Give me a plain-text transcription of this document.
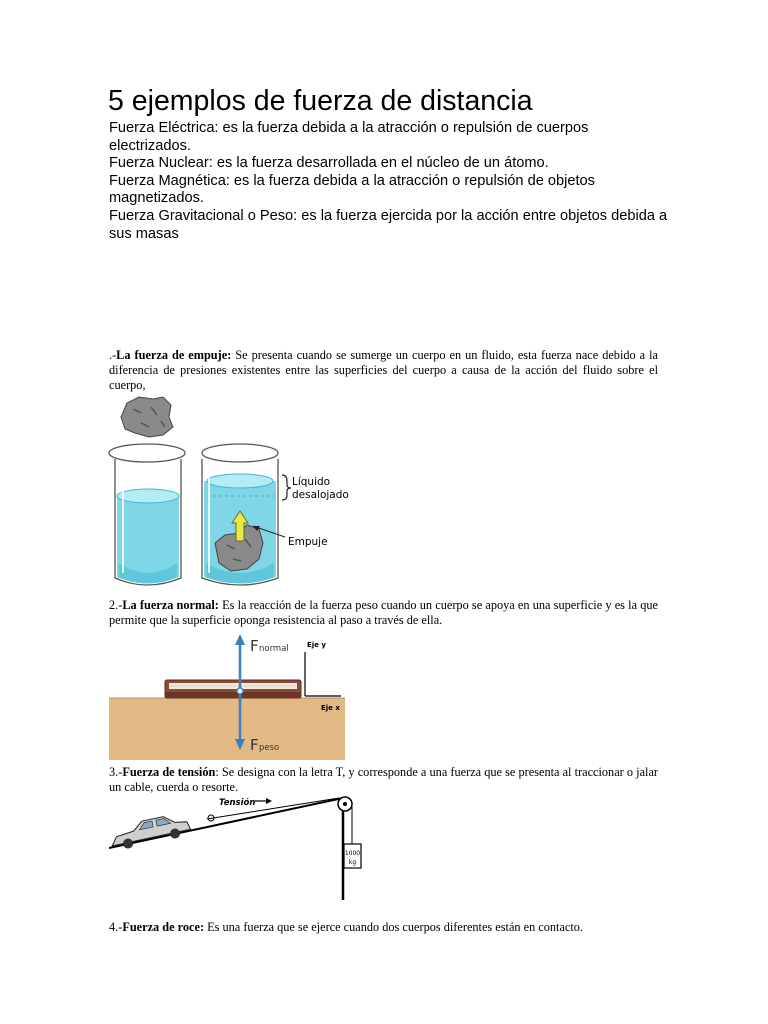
5 ejemplos de fuerza de distancia

Fuerza Eléctrica: es la fuerza debida a la atracción o repulsión de cuerpos electrizados.

Fuerza Nuclear: es la fuerza desarrollada en el núcleo de un átomo.

Fuerza Magnética: es la fuerza debida a la atracción o repulsión de objetos magnetizados.

Fuerza Gravitacional o Peso: es la fuerza ejercida por la acción entre objetos debida a sus masas

.-La fuerza de empuje: Se presenta cuando se sumerge un cuerpo en un fluido, esta fuerza nace debido a la diferencia de presiones existentes entre las superficies del cuerpo a causa de la acción del fluido sobre el cuerpo,

Líquido
desalojado
Empuje

2.-La fuerza normal: Es la reacción de la fuerza peso cuando un cuerpo se apoya en una superficie y es la que permite que la superficie oponga resistencia al paso a través de ella.

F normal
F peso
Eje y
Eje x

3.-Fuerza de tensión: Se designa con la letra T, y corresponde a una fuerza que se presenta al traccionar o jalar un cable, cuerda o resorte.

Tensión
1000
kg

4.-Fuerza de roce: Es una fuerza que se ejerce cuando dos cuerpos diferentes están en contacto.
